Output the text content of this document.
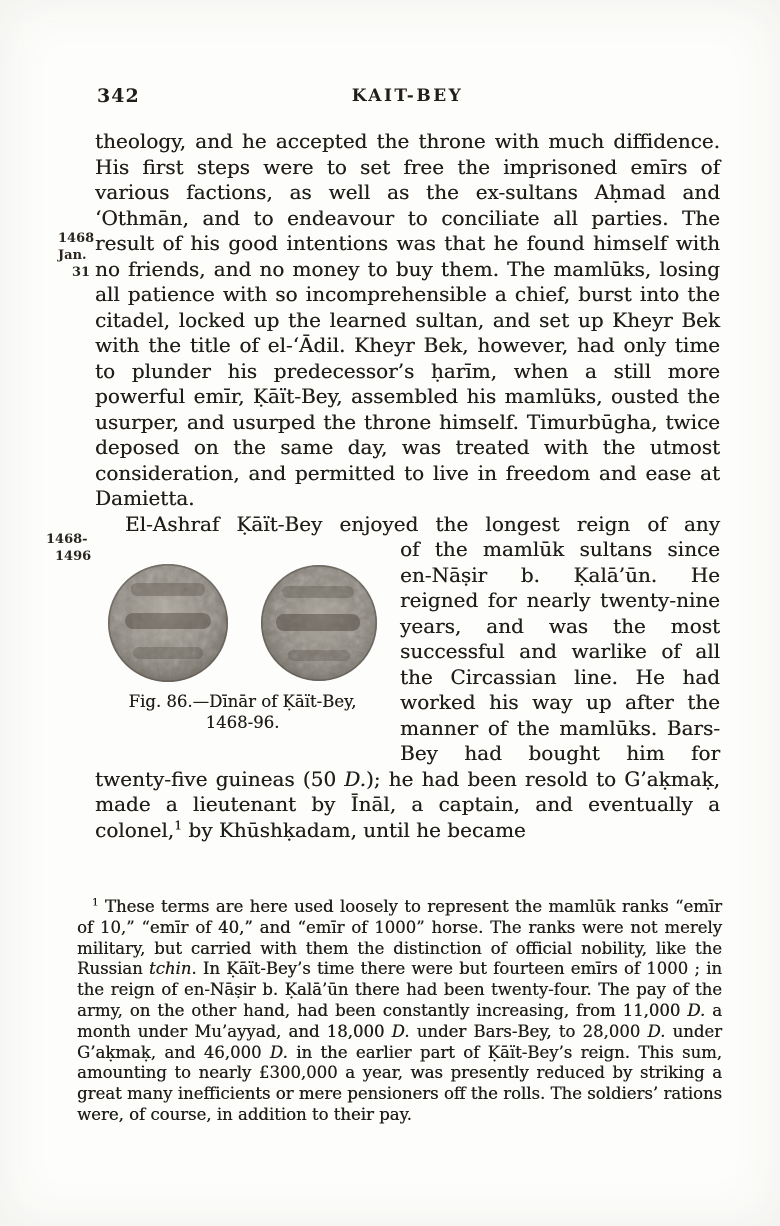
342	KAIT-BEY
1468
Jan.
31
1468-
1496

theology, and he accepted the throne with much diffidence. His first steps were to set free the imprisoned emīrs of various factions, as well as the ex-sultans Aḥmad and ‘Othmān, and to endeavour to conciliate all parties. The result of his good intentions was that he found himself with no friends, and no money to buy them. The mamlūks, losing all patience with so incomprehensible a chief, burst into the citadel, locked up the learned sultan, and set up Kheyr Bek with the title of el-‘Ādil. Kheyr Bek, however, had only time to plunder his predecessor’s ḥarīm, when a still more powerful emīr, Ḳāït-Bey, assembled his mamlūks, ousted the usurper, and usurped the throne himself. Timurbūgha, twice deposed on the same day, was treated with the utmost consideration, and permitted to live in freedom and ease at Damietta.

El-Ashraf Ḳāït-Bey enjoyed the longest reign of any

Fig. 86.—Dīnār of Ḳāït-Bey,
1468-96.

of the mamlūk sultans since en-Nāṣir b. Ḳalā’ūn. He reigned for nearly twenty-nine years, and was the most successful and warlike of all the Circassian line. He had worked his way up after the manner of the mamlūks. Bars-Bey had bought him for twenty-five guineas (50 D.); he had been resold to G’aḳmaḳ, made a lieutenant by Īnāl, a captain, and eventually a colonel,$^1$ by Khūshḳadam, until he became

$^1$ These terms are here used loosely to represent the mamlūk ranks “emīr of 10,” “emīr of 40,” and “emīr of 1000” horse. The ranks were not merely military, but carried with them the distinction of official nobility, like the Russian tchin. In Ḳāït-Bey’s time there were but fourteen emīrs of 1000 ; in the reign of en-Nāṣir b. Ḳalā’ūn there had been twenty-four. The pay of the army, on the other hand, had been constantly increasing, from 11,000 D. a month under Mu’ayyad, and 18,000 D. under Bars-Bey, to 28,000 D. under G’aḳmaḳ, and 46,000 D. in the earlier part of Ḳāït-Bey’s reign. This sum, amounting to nearly £300,000 a year, was presently reduced by striking a great many inefficients or mere pensioners off the rolls. The soldiers’ rations were, of course, in addition to their pay.
